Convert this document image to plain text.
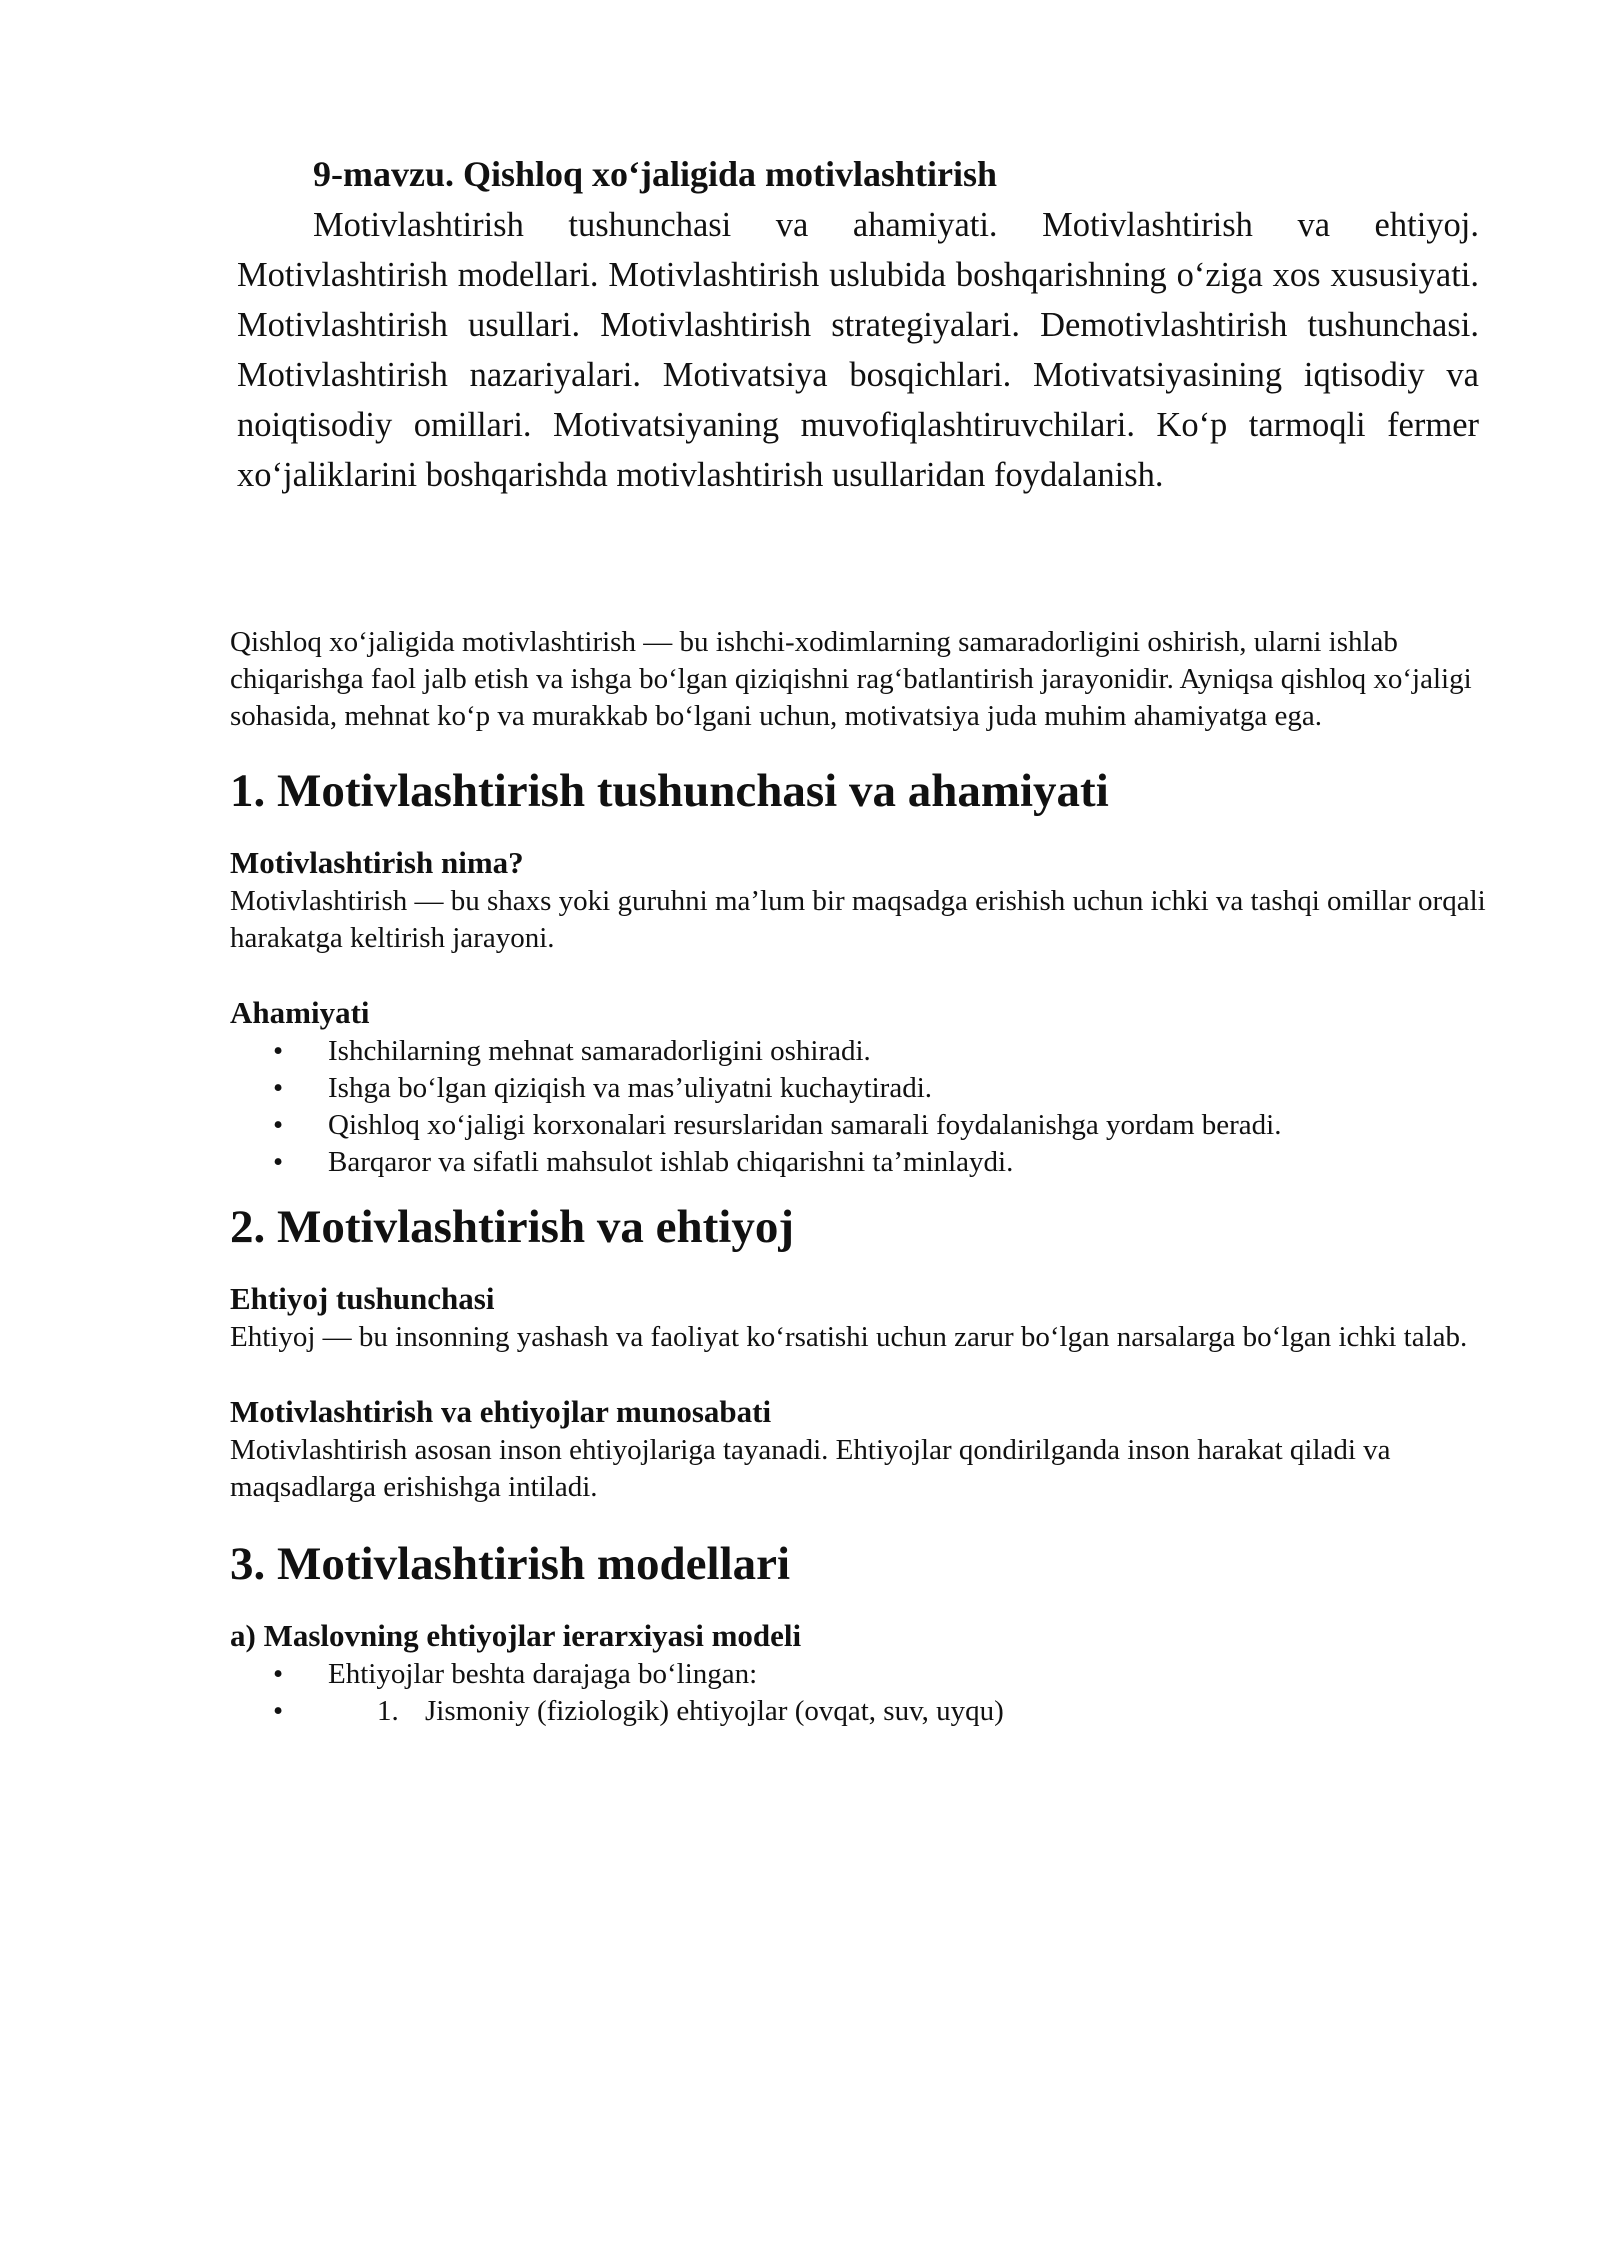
9-mavzu. Qishloq xo‘jaligida motivlashtirish

Motivlashtirish tushunchasi va ahamiyati. Motivlashtirish va ehtiyoj. Motivlashtirish modellari. Motivlashtirish uslubida boshqarishning o‘ziga xos xususiyati. Motivlashtirish usullari. Motivlashtirish strategiyalari. Demotivlashtirish tushunchasi. Motivlashtirish nazariyalari. Motivatsiya bosqichlari. Motivatsiyasining iqtisodiy va noiqtisodiy omillari. Motivatsiyaning muvofiqlashtiruvchilari. Ko‘p tarmoqli fermer xo‘jaliklarini boshqarishda motivlashtirish usullaridan foydalanish.

Qishloq xo‘jaligida motivlashtirish — bu ishchi-xodimlarning samaradorligini oshirish, ularni ishlab chiqarishga faol jalb etish va ishga bo‘lgan qiziqishni rag‘batlantirish jarayonidir. Ayniqsa qishloq xo‘jaligi sohasida, mehnat ko‘p va murakkab bo‘lgani uchun, motivatsiya juda muhim ahamiyatga ega.

1. Motivlashtirish tushunchasi va ahamiyati
Motivlashtirish nima?

Motivlashtirish — bu shaxs yoki guruhni ma’lum bir maqsadga erishish uchun ichki va tashqi omillar orqali harakatga keltirish jarayoni.

Ahamiyati
• Ishchilarning mehnat samaradorligini oshiradi.
• Ishga bo‘lgan qiziqish va mas’uliyatni kuchaytiradi.
• Qishloq xo‘jaligi korxonalari resurslaridan samarali foydalanishga yordam beradi.
• Barqaror va sifatli mahsulot ishlab chiqarishni ta’minlaydi.
2. Motivlashtirish va ehtiyoj
Ehtiyoj tushunchasi

Ehtiyoj — bu insonning yashash va faoliyat ko‘rsatishi uchun zarur bo‘lgan narsalarga bo‘lgan ichki talab.

Motivlashtirish va ehtiyojlar munosabati

Motivlashtirish asosan inson ehtiyojlariga tayanadi. Ehtiyojlar qondirilganda inson harakat qiladi va maqsadlarga erishishga intiladi.

3. Motivlashtirish modellari
a) Maslovning ehtiyojlar ierarxiyasi modeli
• Ehtiyojlar beshta darajaga bo‘lingan:
• 1. Jismoniy (fiziologik) ehtiyojlar (ovqat, suv, uyqu)
